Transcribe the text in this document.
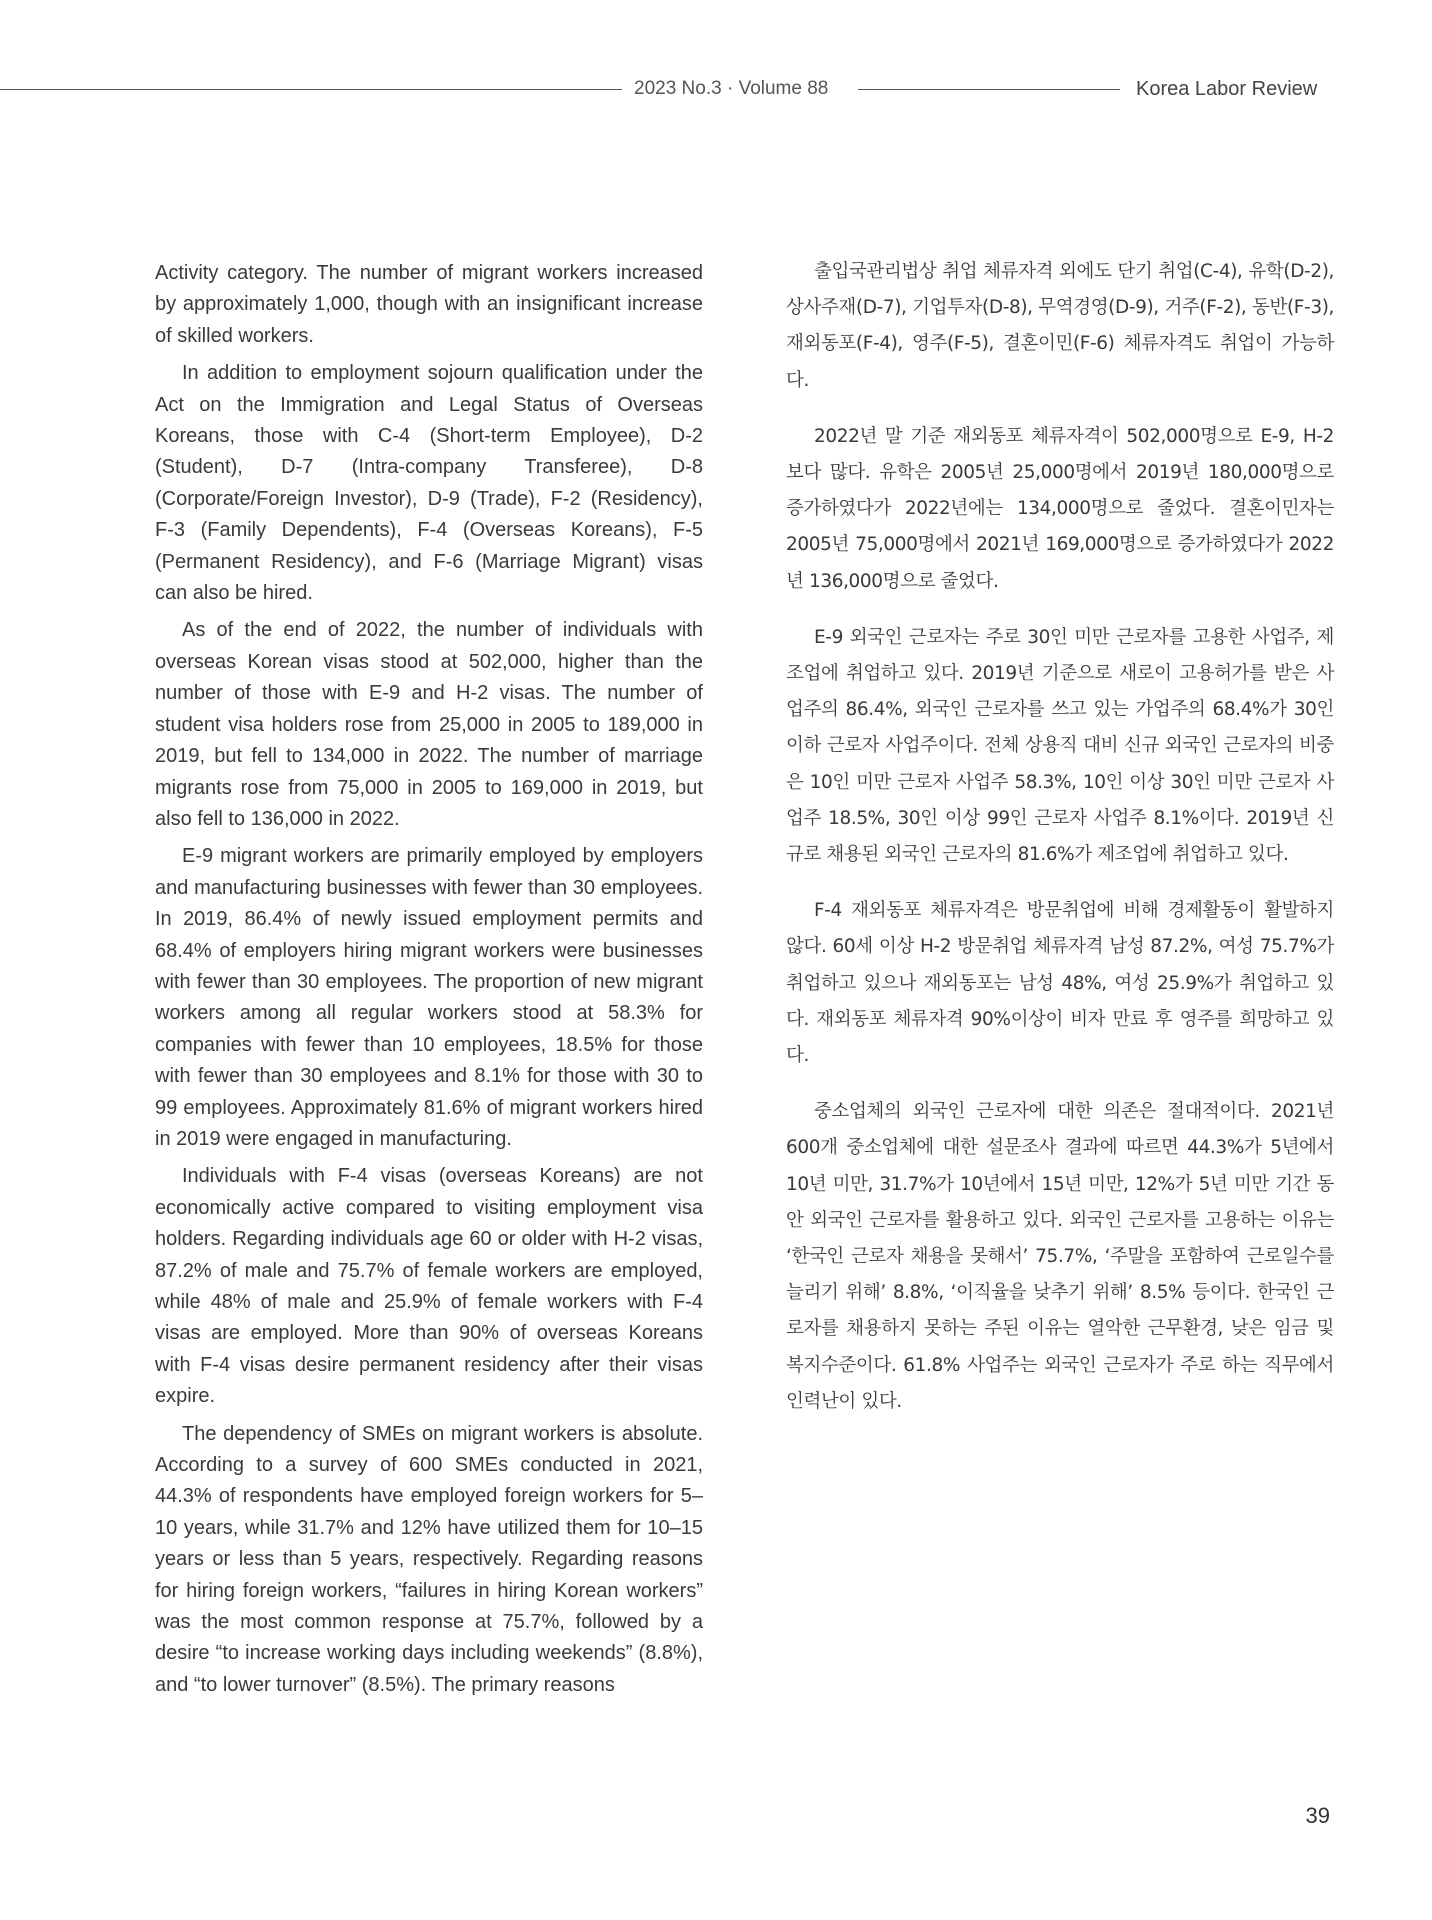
2023 No.3 · Volume 88	Korea Labor Review

Activity category. The number of migrant workers increased by approximately 1,000, though with an insignificant increase of skilled workers.

In addition to employment sojourn qualification under the Act on the Immigration and Legal Status of Overseas Koreans, those with C-4 (Short-term Employee), D-2 (Student), D-7 (Intra-company Transferee), D-8 (Corporate/Foreign Investor), D-9 (Trade), F-2 (Residency), F-3 (Family Dependents), F-4 (Overseas Koreans), F-5 (Permanent Residency), and F-6 (Marriage Migrant) visas can also be hired.

As of the end of 2022, the number of individuals with overseas Korean visas stood at 502,000, higher than the number of those with E-9 and H-2 visas. The number of student visa holders rose from 25,000 in 2005 to 189,000 in 2019, but fell to 134,000 in 2022. The number of marriage migrants rose from 75,000 in 2005 to 169,000 in 2019, but also fell to 136,000 in 2022.

E-9 migrant workers are primarily employed by employers and manufacturing businesses with fewer than 30 employees. In 2019, 86.4% of newly issued employment permits and 68.4% of employers hiring migrant workers were businesses with fewer than 30 employees. The proportion of new migrant workers among all regular workers stood at 58.3% for companies with fewer than 10 employees, 18.5% for those with fewer than 30 employees and 8.1% for those with 30 to 99 employees. Approximately 81.6% of migrant workers hired in 2019 were engaged in manufacturing.

Individuals with F-4 visas (overseas Koreans) are not economically active compared to visiting employment visa holders. Regarding individuals age 60 or older with H-2 visas, 87.2% of male and 75.7% of female workers are employed, while 48% of male and 25.9% of female workers with F-4 visas are employed. More than 90% of overseas Koreans with F-4 visas desire permanent residency after their visas expire.

The dependency of SMEs on migrant workers is absolute. According to a survey of 600 SMEs conducted in 2021, 44.3% of respondents have employed foreign workers for 5–10 years, while 31.7% and 12% have utilized them for 10–15 years or less than 5 years, respectively. Regarding reasons for hiring foreign workers, “failures in hiring Korean workers” was the most common response at 75.7%, followed by a desire “to increase working days including weekends” (8.8%), and “to lower turnover” (8.5%). The primary reasons

출입국관리법상 취업 체류자격 외에도 단기 취업(C-4), 유학(D-2), 상사주재(D-7), 기업투자(D-8), 무역경영(D-9), 거주(F-2), 동반(F-3), 재외동포(F-4), 영주(F-5), 결혼이민(F-6) 체류자격도 취업이 가능하다.

2022년 말 기준 재외동포 체류자격이 502,000명으로 E-9, H-2보다 많다. 유학은 2005년 25,000명에서 2019년 180,000명으로 증가하였다가 2022년에는 134,000명으로 줄었다. 결혼이민자는 2005년 75,000명에서 2021년 169,000명으로 증가하였다가 2022년 136,000명으로 줄었다.

E-9 외국인 근로자는 주로 30인 미만 근로자를 고용한 사업주, 제조업에 취업하고 있다. 2019년 기준으로 새로이 고용허가를 받은 사업주의 86.4%, 외국인 근로자를 쓰고 있는 가업주의 68.4%가 30인 이하 근로자 사업주이다. 전체 상용직 대비 신규 외국인 근로자의 비중은 10인 미만 근로자 사업주 58.3%, 10인 이상 30인 미만 근로자 사업주 18.5%, 30인 이상 99인 근로자 사업주 8.1%이다. 2019년 신규로 채용된 외국인 근로자의 81.6%가 제조업에 취업하고 있다.

F-4 재외동포 체류자격은 방문취업에 비해 경제활동이 활발하지 않다. 60세 이상 H-2 방문취업 체류자격 남성 87.2%, 여성 75.7%가 취업하고 있으나 재외동포는 남성 48%, 여성 25.9%가 취업하고 있다. 재외동포 체류자격 90%이상이 비자 만료 후 영주를 희망하고 있다.

중소업체의 외국인 근로자에 대한 의존은 절대적이다. 2021년 600개 중소업체에 대한 설문조사 결과에 따르면 44.3%가 5년에서 10년 미만, 31.7%가 10년에서 15년 미만, 12%가 5년 미만 기간 동안 외국인 근로자를 활용하고 있다. 외국인 근로자를 고용하는 이유는 ‘한국인 근로자 채용을 못해서’ 75.7%, ‘주말을 포함하여 근로일수를 늘리기 위해’ 8.8%, ‘이직율을 낮추기 위해’ 8.5% 등이다. 한국인 근로자를 채용하지 못하는 주된 이유는 열악한 근무환경, 낮은 임금 및 복지수준이다. 61.8% 사업주는 외국인 근로자가 주로 하는 직무에서 인력난이 있다.

39
